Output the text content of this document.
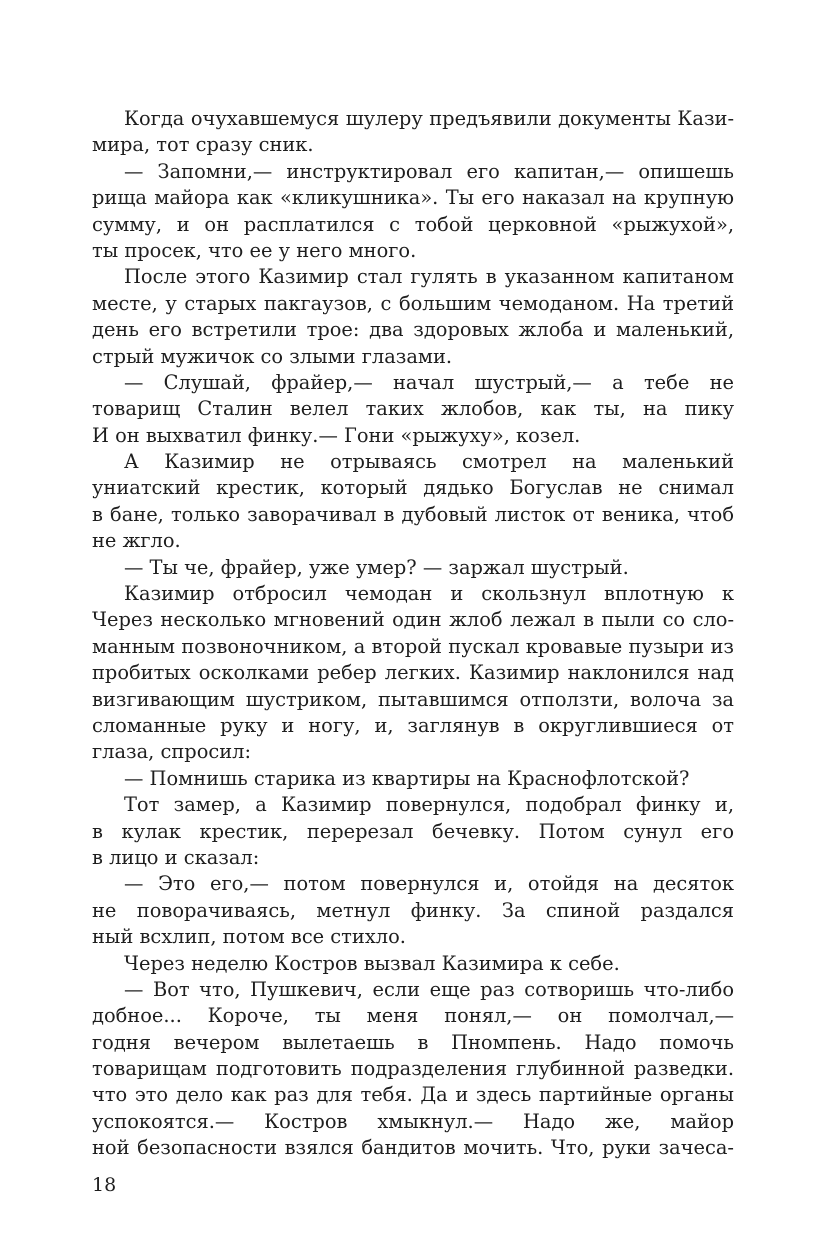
Когда очухавшемуся шулеру предъявили документы Кази-
мира, тот сразу сник.
— Запомни,— инструктировал его капитан,— опишешь
рища майора как «кликушника». Ты его наказал на крупную
сумму, и он расплатился с тобой церковной «рыжухой»,
ты просек, что ее у него много.
После этого Казимир стал гулять в указанном капитаном
месте, у старых пакгаузов, с большим чемоданом. На третий
день его встретили трое: два здоровых жлоба и маленький,
стрый мужичок со злыми глазами.
— Слушай, фрайер,— начал шустрый,— а тебе не
товарищ Сталин велел таких жлобов, как ты, на пику
И он выхватил финку.— Гони «рыжуху», козел.
А Казимир не отрываясь смотрел на маленький
униатский крестик, который дядько Богуслав не снимал
в бане, только заворачивал в дубовый листок от веника, чтоб
не жгло.
— Ты че, фрайер, уже умер? — заржал шустрый.
Казимир отбросил чемодан и скользнул вплотную к
Через несколько мгновений один жлоб лежал в пыли со сло-
манным позвоночником, а второй пускал кровавые пузыри из
пробитых осколками ребер легких. Казимир наклонился над
визгивающим шустриком, пытавшимся отползти, волоча за
сломанные руку и ногу, и, заглянув в округлившиеся от
глаза, спросил:
— Помнишь старика из квартиры на Краснофлотской?
Тот замер, а Казимир повернулся, подобрал финку и,
в кулак крестик, перерезал бечевку. Потом сунул его
в лицо и сказал:
— Это его,— потом повернулся и, отойдя на десяток
не поворачиваясь, метнул финку. За спиной раздался
ный всхлип, потом все стихло.
Через неделю Костров вызвал Казимира к себе.
— Вот что, Пушкевич, если еще раз сотворишь что-либо
добное... Короче, ты меня понял,— он помолчал,—
годня вечером вылетаешь в Пномпень. Надо помочь
товарищам подготовить подразделения глубинной разведки.
что это дело как раз для тебя. Да и здесь партийные органы
успокоятся.— Костров хмыкнул.— Надо же, майор
ной безопасности взялся бандитов мочить. Что, руки зачеса-
18
